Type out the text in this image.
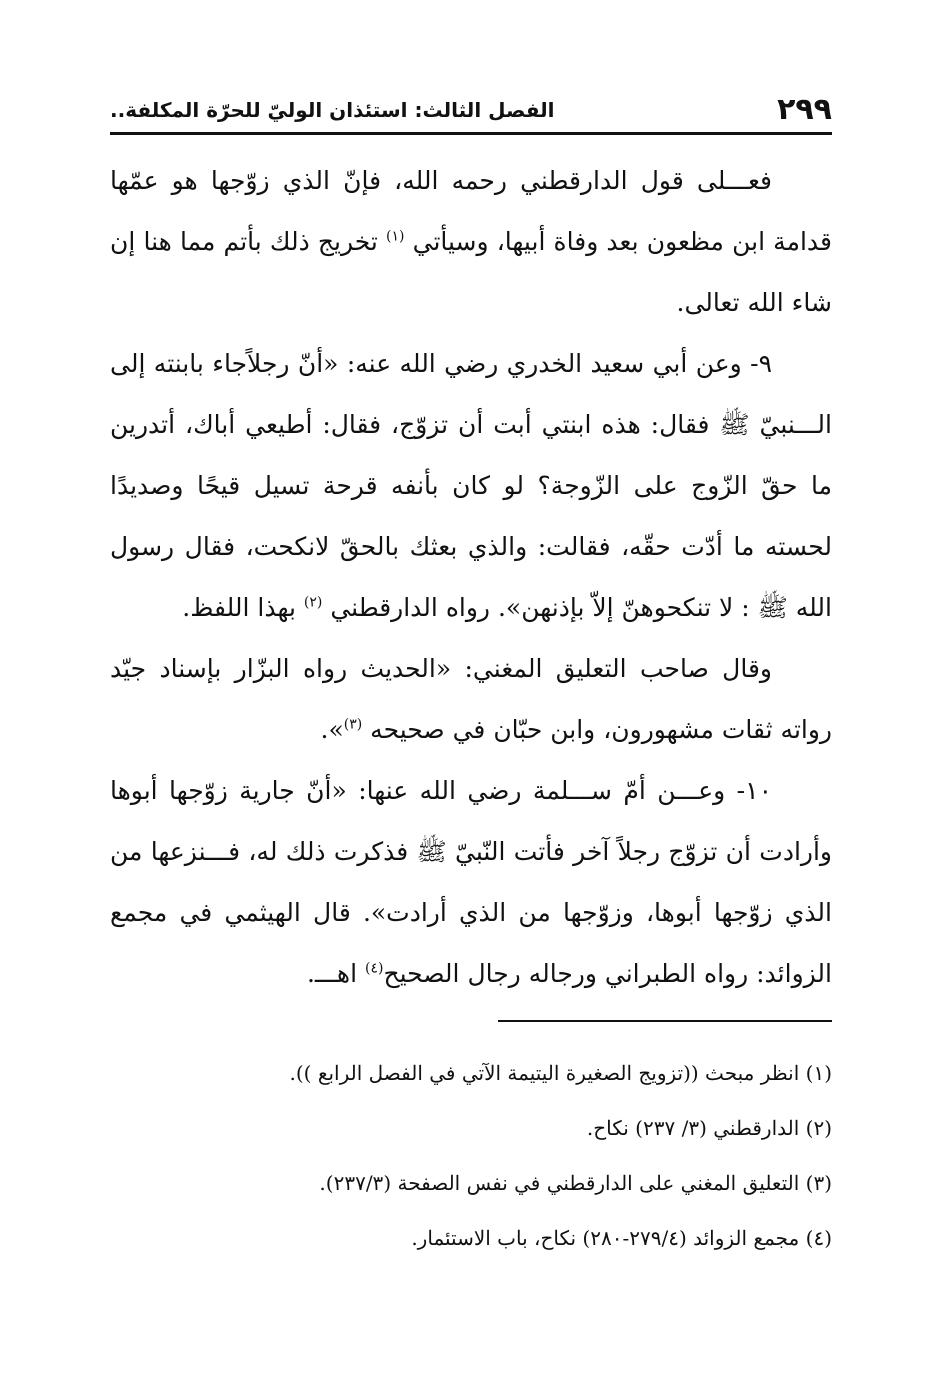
٢٩٩
الفصل الثالث: استئذان الوليّ للحرّة المكلفة..

فعـــلى قول الدارقطني رحمه الله، فإنّ الذي زوّجها هو عمّها قدامة ابن مظعون بعد وفاة أبيها، وسيأتي $^{(١)}$ تخريج ذلك بأتم مما هنا إن شاء الله تعالى.

٩- وعن أبي سعيد الخدري رضي الله عنه: «أنّ رجلاًجاء بابنته إلى الـــنبيّ ﷺ فقال: هذه ابنتي أبت أن تزوّج، فقال: أطيعي أباك، أتدرين ما حقّ الزّوج على الزّوجة؟ لو كان بأنفه قرحة تسيل قيحًا وصديدًا لحسته ما أدّت حقّه، فقالت: والذي بعثك بالحقّ لانكحت، فقال رسول الله ﷺ : لا تنكحوهنّ إلاّ بإذنهن». رواه الدارقطني $^{(٢)}$ بهذا اللفظ.

وقال صاحب التعليق المغني: «الحديث رواه البزّار بإسناد جيّد رواته ثقات مشهورون، وابن حبّان في صحيحه $^{(٣)}$».

١٠- وعـــن أمّ ســـلمة رضي الله عنها: «أنّ جارية زوّجها أبوها وأرادت أن تزوّج رجلاً آخر فأتت النّبيّ ﷺ فذكرت ذلك له، فـــنزعها من الذي زوّجها أبوها، وزوّجها من الذي أرادت». قال الهيثمي في مجمع الزوائد: رواه الطبراني ورجاله رجال الصحيح$^{(٤)}$ اهـــ.

(١) انظر مبحث ((تزويج الصغيرة اليتيمة الآتي في الفصل الرابع )).

(٢) الدارقطني (٣/ ٢٣٧) نكاح.

(٣) التعليق المغني على الدارقطني في نفس الصفحة (٢٣٧/٣).

(٤) مجمع الزوائد (٢٧٩/٤-٢٨٠) نكاح، باب الاستئمار.
